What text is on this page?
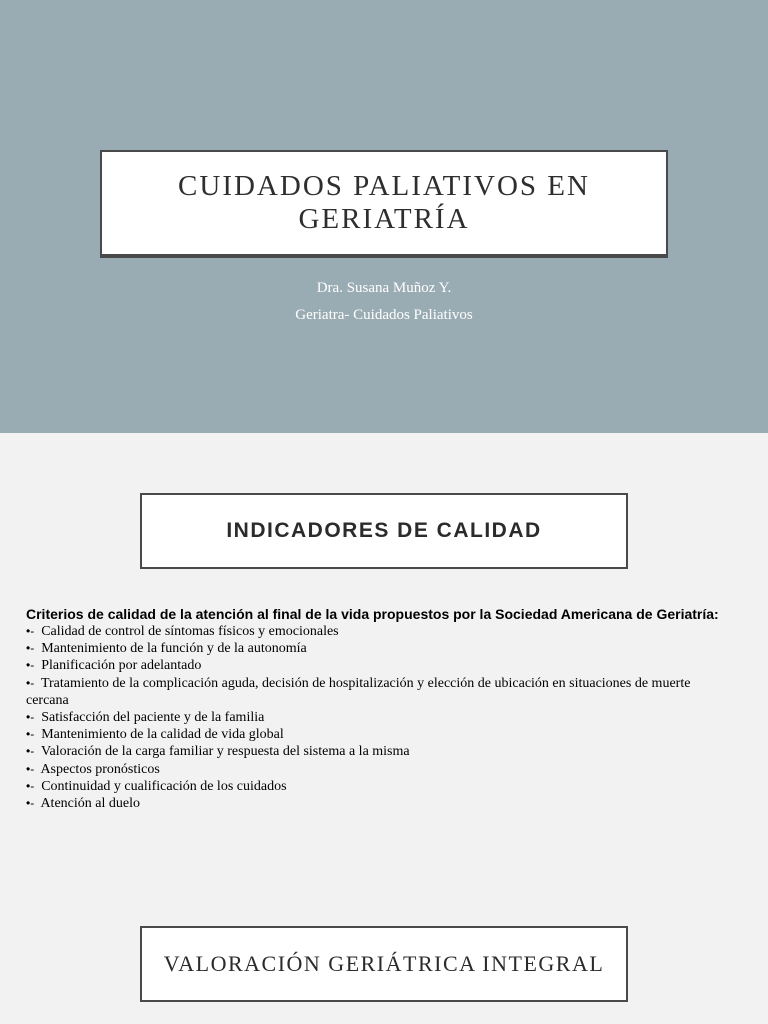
CUIDADOS PALIATIVOS EN GERIATRÍA
Dra. Susana Muñoz Y.
Geriatra- Cuidados Paliativos
INDICADORES DE CALIDAD
Criterios de calidad de la atención al final de la vida propuestos por la Sociedad Americana de Geriatría:
•- Calidad de control de síntomas físicos y emocionales
•- Mantenimiento de la función y de la autonomía
•- Planificación por adelantado
•- Tratamiento de la complicación aguda, decisión de hospitalización y elección de ubicación en situaciones de muerte cercana
•- Satisfacción del paciente y de la familia
•- Mantenimiento de la calidad de vida global
•- Valoración de la carga familiar y respuesta del sistema a la misma
•- Aspectos pronósticos
•- Continuidad y cualificación de los cuidados
•- Atención al duelo
VALORACIÓN GERIÁTRICA INTEGRAL
